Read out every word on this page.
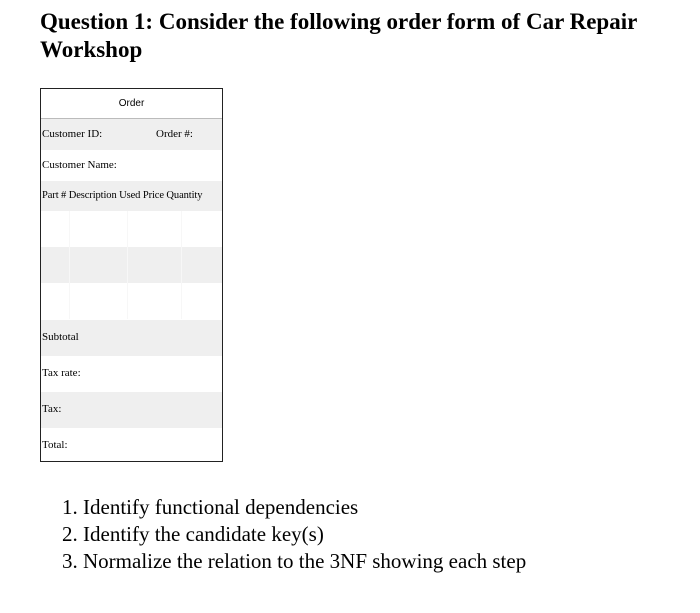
Question 1: Consider the following order form of Car Repair
Workshop
Order
Customer ID:	Order #:
Customer Name:
Part # Description Used Price Quantity
Subtotal
Tax rate:
Tax:
Total:
1. Identify functional dependencies
2. Identify the candidate key(s)
3. Normalize the relation to the 3NF showing each step
